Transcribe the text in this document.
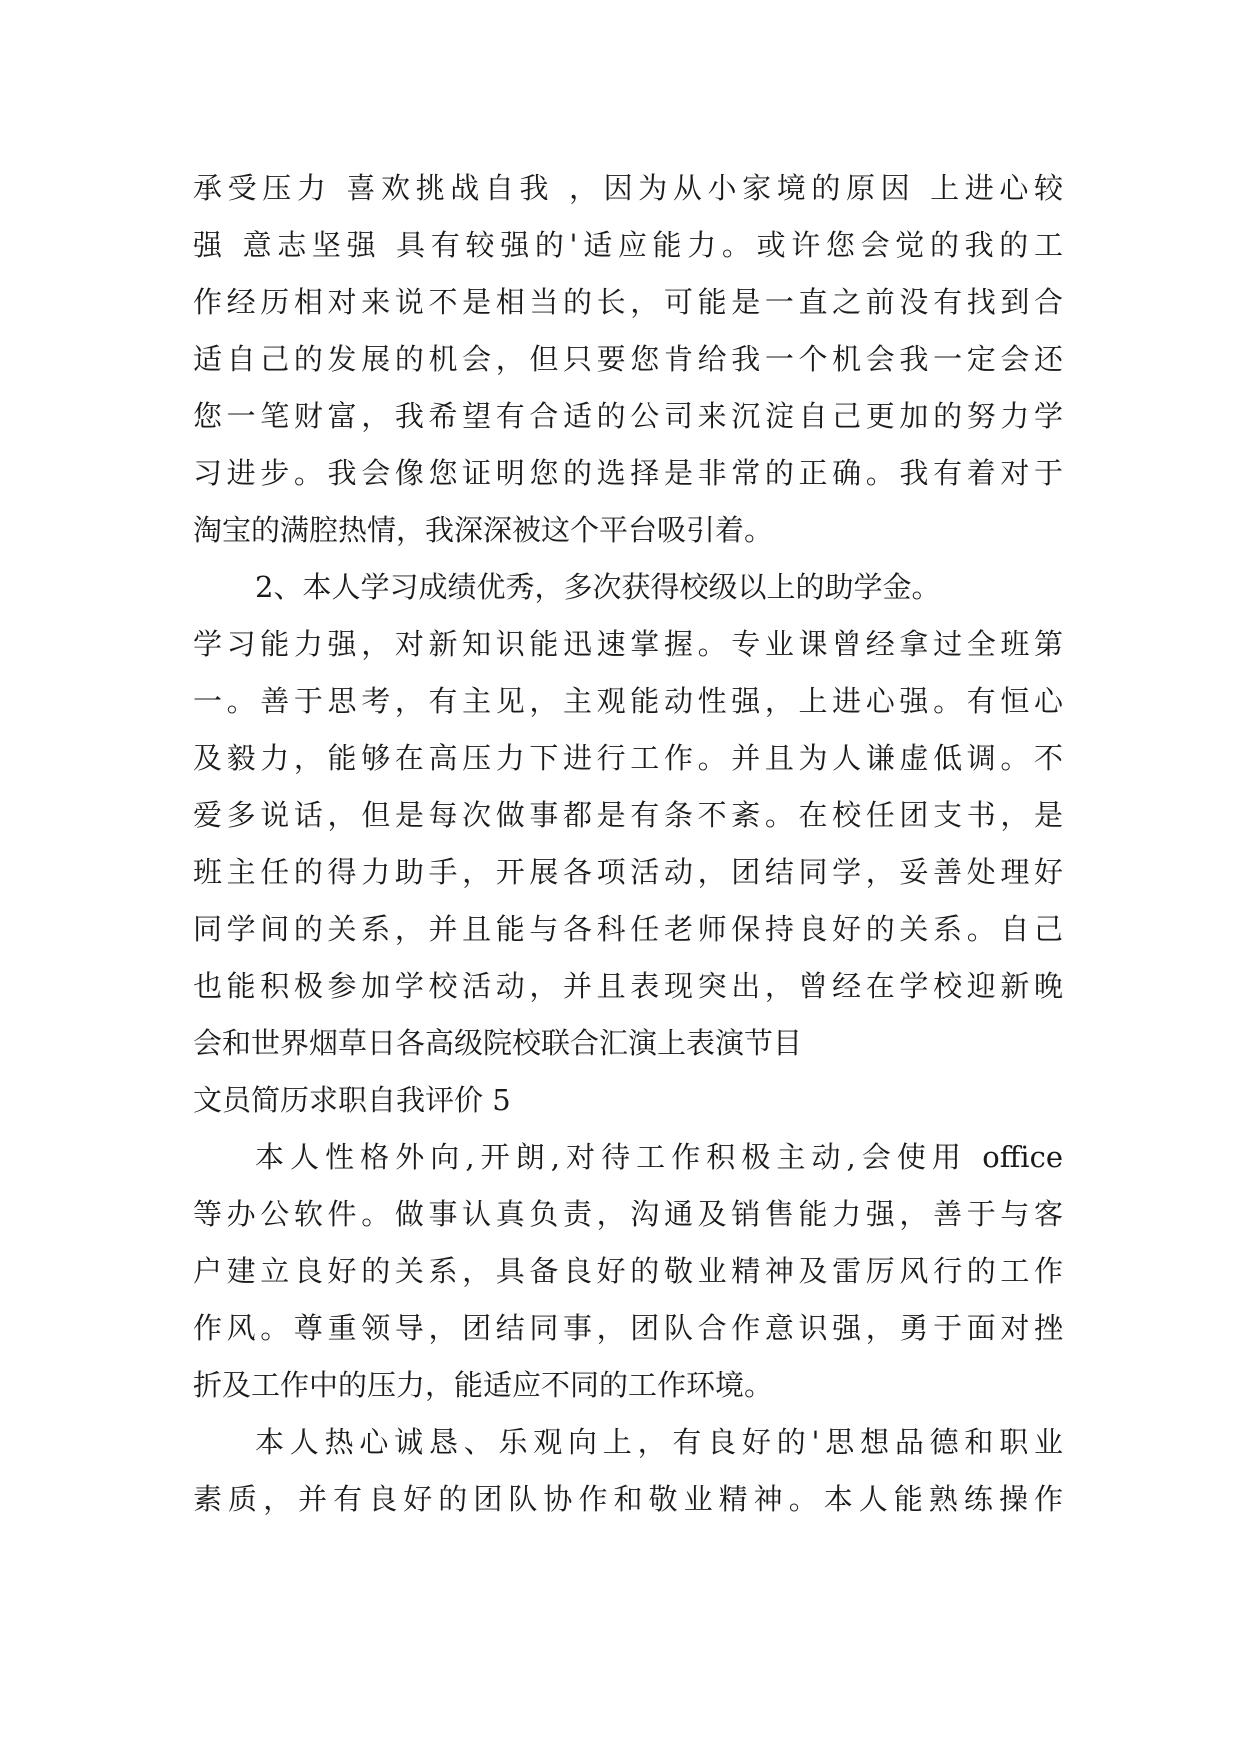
承受压力 喜欢挑战自我 ，因为从小家境的原因 上进心较
强 意志坚强 具有较强的'适应能力。或许您会觉的我的工
作经历相对来说不是相当的长，可能是一直之前没有找到合
适自己的发展的机会，但只要您肯给我一个机会我一定会还
您一笔财富，我希望有合适的公司来沉淀自己更加的努力学
习进步。我会像您证明您的选择是非常的正确。我有着对于
淘宝的满腔热情，我深深被这个平台吸引着。
2、本人学习成绩优秀，多次获得校级以上的助学金。
学习能力强，对新知识能迅速掌握。专业课曾经拿过全班第
一。善于思考，有主见，主观能动性强，上进心强。有恒心
及毅力，能够在高压力下进行工作。并且为人谦虚低调。不
爱多说话，但是每次做事都是有条不紊。在校任团支书，是
班主任的得力助手，开展各项活动，团结同学，妥善处理好
同学间的关系，并且能与各科任老师保持良好的关系。自己
也能积极参加学校活动，并且表现突出，曾经在学校迎新晚
会和世界烟草日各高级院校联合汇演上表演节目
文员简历求职自我评价 5
本人性格外向,开朗,对待工作积极主动,会使用 office
等办公软件。做事认真负责，沟通及销售能力强，善于与客
户建立良好的关系，具备良好的敬业精神及雷厉风行的工作
作风。尊重领导，团结同事，团队合作意识强，勇于面对挫
折及工作中的压力，能适应不同的工作环境。
本人热心诚恳、乐观向上，有良好的'思想品德和职业
素质，并有良好的团队协作和敬业精神。本人能熟练操作
